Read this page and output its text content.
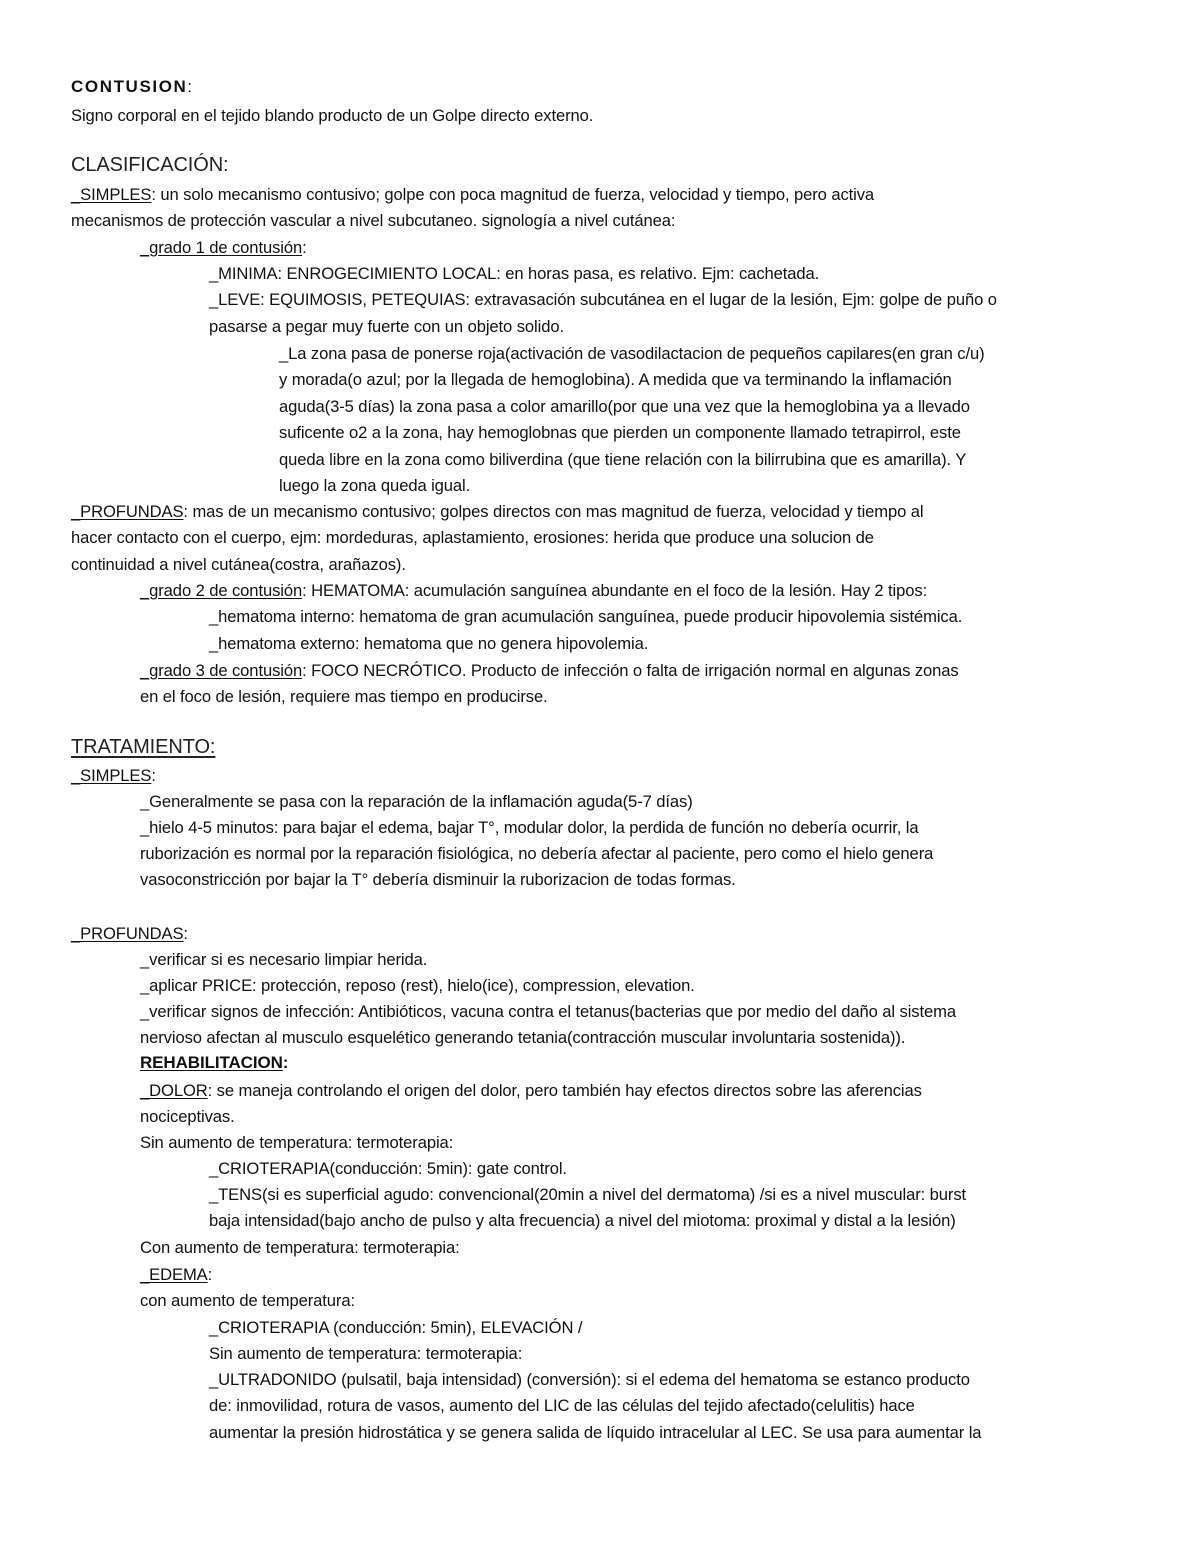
CONTUSION:
Signo corporal en el tejido blando producto de un Golpe directo externo.
CLASIFICACIÓN:
_SIMPLES: un solo mecanismo contusivo; golpe con poca magnitud de fuerza, velocidad y tiempo, pero activa
mecanismos de protección vascular a nivel subcutaneo. signología a nivel cutánea:
_grado 1 de contusión:
_MINIMA: ENROGECIMIENTO LOCAL: en horas pasa, es relativo. Ejm: cachetada.
_LEVE: EQUIMOSIS, PETEQUIAS: extravasación subcutánea en el lugar de la lesión, Ejm: golpe de puño o
pasarse a pegar muy fuerte con un objeto solido.
_La zona pasa de ponerse roja(activación de vasodilactacion de pequeños capilares(en gran c/u)
y morada(o azul; por la llegada de hemoglobina). A medida que va terminando la inflamación
aguda(3-5 días) la zona pasa a color amarillo(por que una vez que la hemoglobina ya a llevado
suficente o2 a la zona, hay hemoglobnas que pierden un componente llamado tetrapirrol, este
queda libre en la zona como biliverdina (que tiene relación con la bilirrubina que es amarilla). Y
luego la zona queda igual.
_PROFUNDAS: mas de un mecanismo contusivo; golpes directos con mas magnitud de fuerza, velocidad y tiempo al
hacer contacto con el cuerpo, ejm: mordeduras, aplastamiento, erosiones: herida que produce una solucion de
continuidad a nivel cutánea(costra, arañazos).
_grado 2 de contusión: HEMATOMA: acumulación sanguínea abundante en el foco de la lesión. Hay 2 tipos:
_hematoma interno: hematoma de gran acumulación sanguínea, puede producir hipovolemia sistémica.
_hematoma externo: hematoma que no genera hipovolemia.
_grado 3 de contusión: FOCO NECRÓTICO. Producto de infección o falta de irrigación normal en algunas zonas
en el foco de lesión, requiere mas tiempo en producirse.
TRATAMIENTO:
_SIMPLES:
_Generalmente se pasa con la reparación de la inflamación aguda(5-7 días)
_hielo 4-5 minutos: para bajar el edema, bajar T°, modular dolor, la perdida de función no debería ocurrir, la
ruborización es normal por la reparación fisiológica, no debería afectar al paciente, pero como el hielo genera
vasoconstricción por bajar la T° debería disminuir la ruborizacion de todas formas.
_PROFUNDAS:
_verificar si es necesario limpiar herida.
_aplicar PRICE: protección, reposo (rest), hielo(ice), compression, elevation.
_verificar signos de infección: Antibióticos, vacuna contra el tetanus(bacterias que por medio del daño al sistema
nervioso afectan al musculo esquelético generando tetania(contracción muscular involuntaria sostenida)).
REHABILITACION:
_DOLOR: se maneja controlando el origen del dolor, pero también hay efectos directos sobre las aferencias
nociceptivas.
Sin aumento de temperatura: termoterapia:
_CRIOTERAPIA(conducción: 5min): gate control.
_TENS(si es superficial agudo: convencional(20min a nivel del dermatoma) /si es a nivel muscular: burst
baja intensidad(bajo ancho de pulso y alta frecuencia) a nivel del miotoma: proximal y distal a la lesión)
Con aumento de temperatura: termoterapia:
_EDEMA:
con aumento de temperatura:
_CRIOTERAPIA (conducción: 5min), ELEVACIÓN /
Sin aumento de temperatura: termoterapia:
_ULTRADONIDO (pulsatil, baja intensidad) (conversión): si el edema del hematoma se estanco producto
de: inmovilidad, rotura de vasos, aumento del LIC de las células del tejido afectado(celulitis) hace
aumentar la presión hidrostática y se genera salida de líquido intracelular al LEC. Se usa para aumentar la
